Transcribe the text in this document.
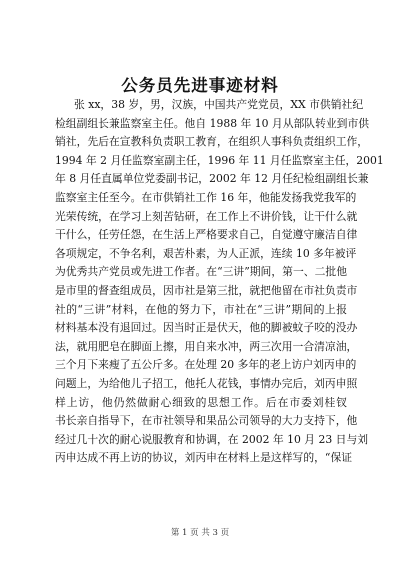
公务员先进事迹材料
张 xx，38 岁，男，汉族，中国共产党党员，XX 市供销社纪
检组副组长兼监察室主任。他自 1988 年 10 月从部队转业到市供
销社，先后在宣教科负责职工教育，在组织人事科负责组织工作，
1994 年 2 月任监察室副主任，1996 年 11 月任监察室主任，2001
年 8 月任直属单位党委副书记，2002 年 12 月任纪检组副组长兼
监察室主任至今。在市供销社工作 16 年，他能发扬我党我军的
光荣传统，在学习上刻苦钻研，在工作上不讲价钱，让干什么就
干什么，任劳任怨，在生活上严格要求自己，自觉遵守廉洁自律
各项规定，不争名利，艰苦朴素，为人正派，连续 10 多年被评
为优秀共产党员或先进工作者。在“三讲”期间，第一、二批他
是市里的督查组成员，因市社是第三批，就把他留在市社负责市
社的“三讲”材料，在他的努力下，市社在“三讲”期间的上报
材料基本没有退回过。因当时正是伏天，他的脚被蚊子咬的没办
法，就用肥皂在脚面上擦，用自来水冲，两三次用一合清凉油，
三个月下来瘦了五公斤多。在处理 20 多年的老上访户刘丙申的
问题上，为给他儿子招工，他托人花钱，事情办完后，刘丙申照
样上访，他仍然做耐心细致的思想工作。后在市委刘桂钗
书长亲自指导下，在市社领导和果品公司领导的大力支持下，他
经过几十次的耐心说服教育和协调，在 2002 年 10 月 23 日与刘
丙申达成不再上访的协议，刘丙申在材料上是这样写的，“保证
第 1 页 共 3 页
